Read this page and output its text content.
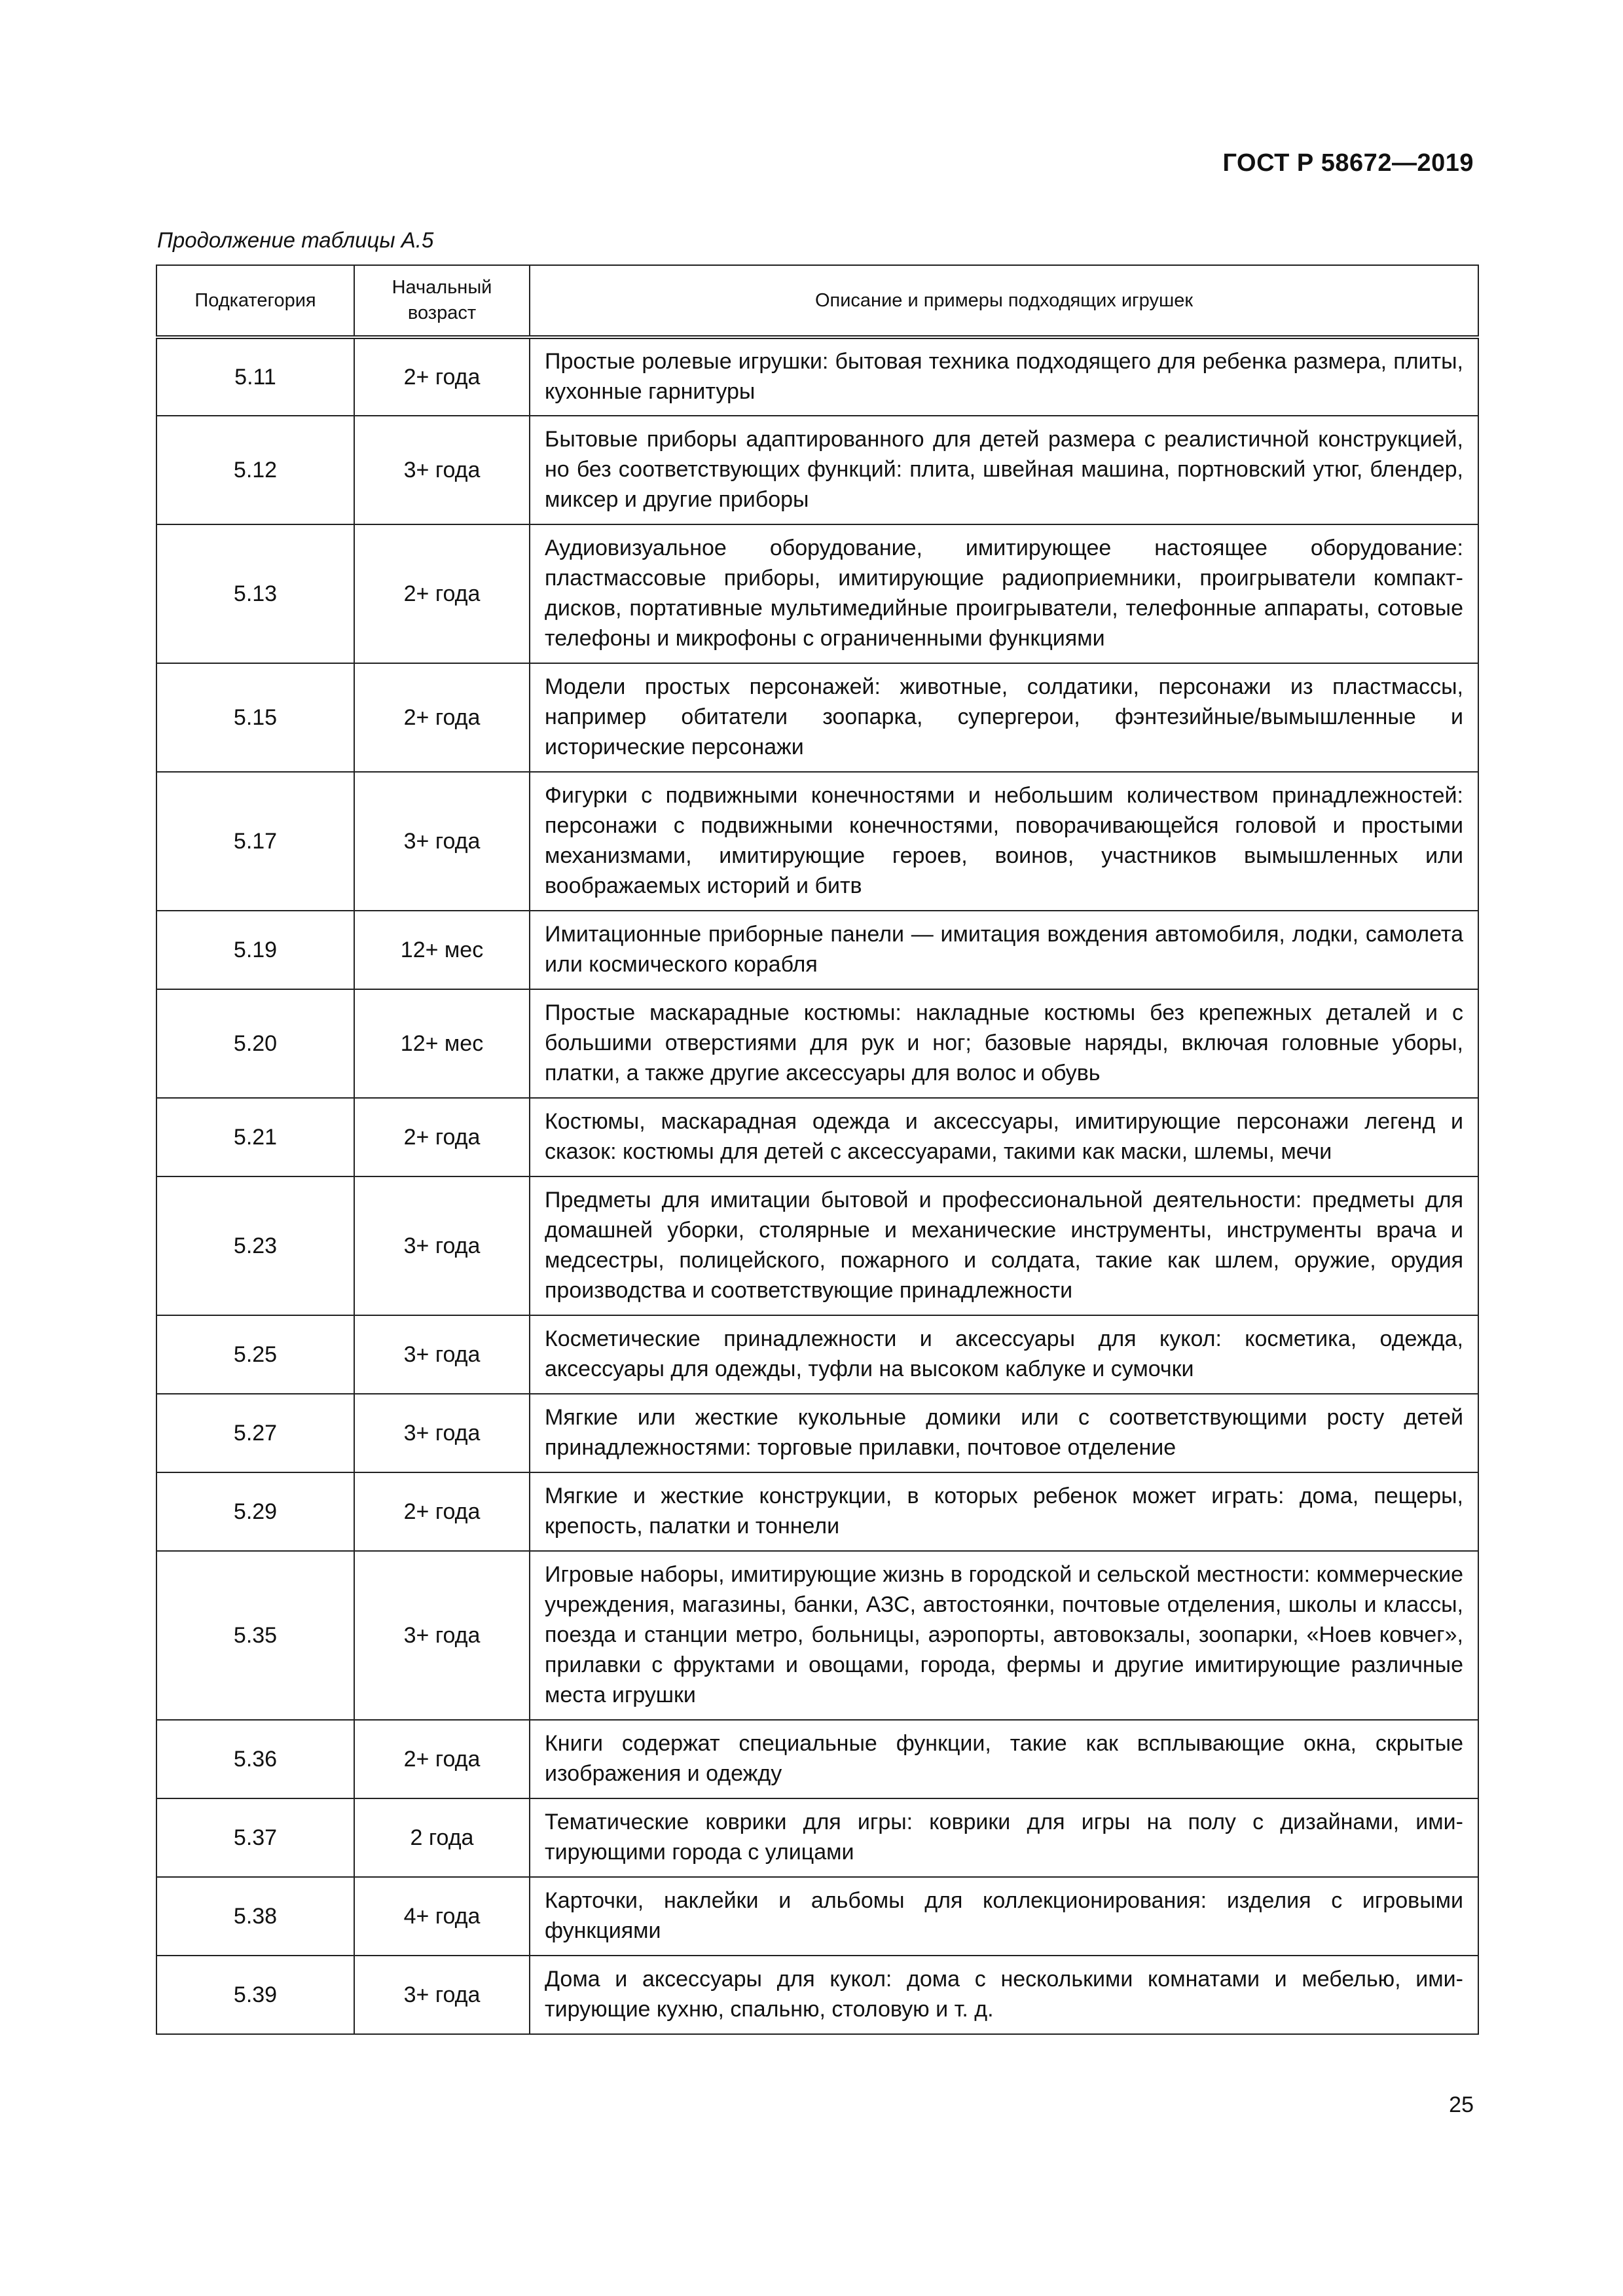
ГОСТ Р 58672—2019
Продолжение таблицы А.5
Подкатегория	Начальный возраст	Описание и примеры подходящих игрушек
5.11	2+ года	Простые ролевые игрушки: бытовая техника подходящего для ребенка размера, плиты, кухонные гарнитуры
5.12	3+ года	Бытовые приборы адаптированного для детей размера с реалистичной конструкцией, но без соответствующих функций: плита, швейная машина, портновский утюг, блендер, миксер и другие приборы
5.13	2+ года	Аудиовизуальное оборудование, имитирующее настоящее оборудование: пластмассовые приборы, имитирующие радиоприемники, проигрыватели компакт-дисков, портативные мультимедийные проигрыватели, телефонные аппараты, сотовые телефоны и микрофоны с ограниченными функциями
5.15	2+ года	Модели простых персонажей: животные, солдатики, персонажи из пластмассы, например обитатели зоопарка, супергерои, фэнтезийные/вымышленные и исторические персонажи
5.17	3+ года	Фигурки с подвижными конечностями и небольшим количеством принадлежностей: персонажи с подвижными конечностями, поворачивающейся головой и простыми механизмами, имитирующие героев, воинов, участников вымышленных или воображаемых историй и битв
5.19	12+ мес	Имитационные приборные панели — имитация вождения автомобиля, лодки, самолета или космического корабля
5.20	12+ мес	Простые маскарадные костюмы: накладные костюмы без крепежных деталей и с большими отверстиями для рук и ног; базовые наряды, включая головные уборы, платки, а также другие аксессуары для волос и обувь
5.21	2+ года	Костюмы, маскарадная одежда и аксессуары, имитирующие персонажи легенд и сказок: костюмы для детей с аксессуарами, такими как маски, шлемы, мечи
5.23	3+ года	Предметы для имитации бытовой и профессиональной деятельности: предметы для домашней уборки, столярные и механические инструменты, инструменты врача и медсестры, полицейского, пожарного и солдата, такие как шлем, оружие, орудия производства и соответствующие принадлежности
5.25	3+ года	Косметические принадлежности и аксессуары для кукол: косметика, одежда, аксессуары для одежды, туфли на высоком каблуке и сумочки
5.27	3+ года	Мягкие или жесткие кукольные домики или с соответствующими росту детей принадлежностями: торговые прилавки, почтовое отделение
5.29	2+ года	Мягкие и жесткие конструкции, в которых ребенок может играть: дома, пещеры, крепость, палатки и тоннели
5.35	3+ года	Игровые наборы, имитирующие жизнь в городской и сельской местности: коммерческие учреждения, магазины, банки, АЗС, автостоянки, почтовые отделения, школы и классы, поезда и станции метро, больницы, аэропорты, автовокзалы, зоопарки, «Ноев ковчег», прилавки с фруктами и овощами, города, фермы и другие имитирующие различные места игрушки
5.36	2+ года	Книги содержат специальные функции, такие как всплывающие окна, скрытые изображения и одежду
5.37	2 года	Тематические коврики для игры: коврики для игры на полу с дизайнами, имитирующими города с улицами
5.38	4+ года	Карточки, наклейки и альбомы для коллекционирования: изделия с игровыми функциями
5.39	3+ года	Дома и аксессуары для кукол: дома с несколькими комнатами и мебелью, имитирующие кухню, спальню, столовую и т. д.
25
